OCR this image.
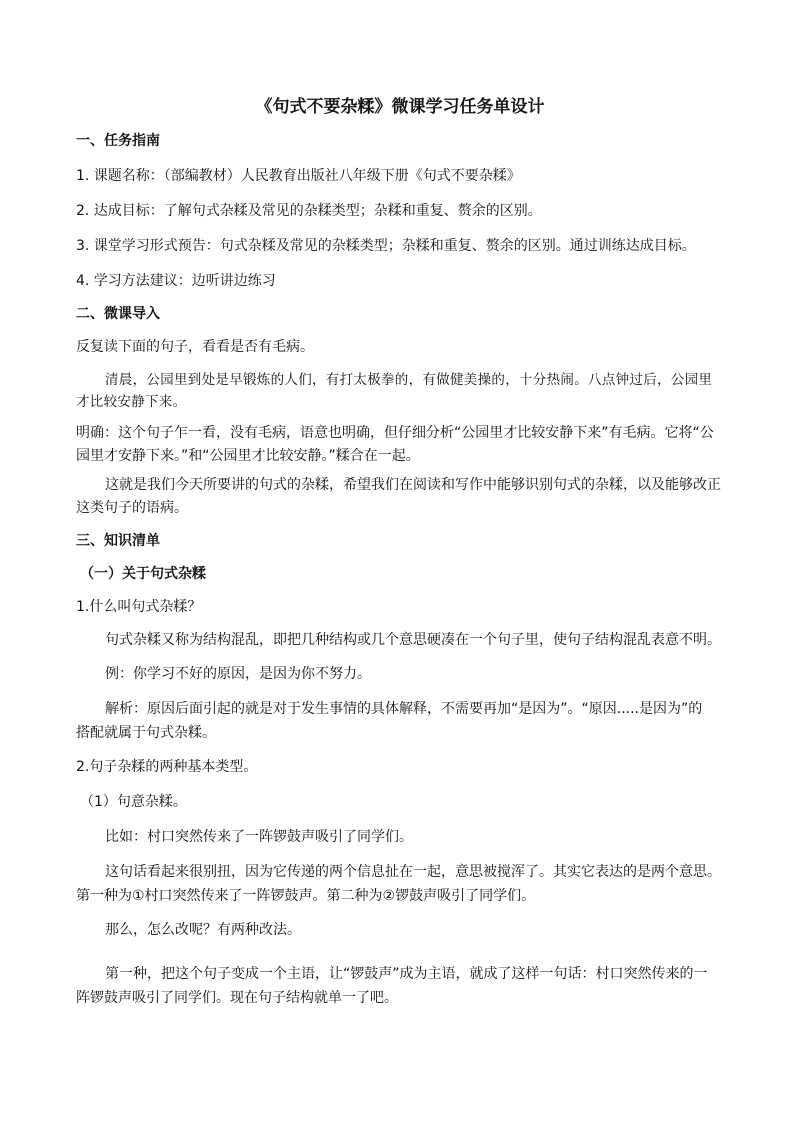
《句式不要杂糅》微课学习任务单设计
一、任务指南
1. 课题名称：（部编教材）人民教育出版社八年级下册《句式不要杂糅》
2. 达成目标：了解句式杂糅及常见的杂糅类型；杂糅和重复、赘余的区别。
3. 课堂学习形式预告：句式杂糅及常见的杂糅类型；杂糅和重复、赘余的区别。通过训练达成目标。
4. 学习方法建议：边听讲边练习
二、微课导入
反复读下面的句子，看看是否有毛病。
清晨，公园里到处是早锻炼的人们，有打太极拳的，有做健美操的，十分热闹。八点钟过后，公园里
才比较安静下来。
明确：这个句子乍一看，没有毛病，语意也明确，但仔细分析“公园里才比较安静下来”有毛病。它将“公
园里才安静下来。”和“公园里才比较安静。”糅合在一起。
这就是我们今天所要讲的句式的杂糅，希望我们在阅读和写作中能够识别句式的杂糅，以及能够改正
这类句子的语病。
三、知识清单
（一）关于句式杂糅
1.什么叫句式杂糅？
句式杂糅又称为结构混乱，即把几种结构或几个意思硬凑在一个句子里，使句子结构混乱表意不明。
例：你学习不好的原因，是因为你不努力。
解析：原因后面引起的就是对于发生事情的具体解释，不需要再加“是因为”。“原因.....是因为”的
搭配就属于句式杂糅。
2.句子杂糅的两种基本类型。
（1）句意杂糅。
比如：村口突然传来了一阵锣鼓声吸引了同学们。
这句话看起来很别扭，因为它传递的两个信息扯在一起，意思被搅浑了。其实它表达的是两个意思。
第一种为①村口突然传来了一阵锣鼓声。第二种为②锣鼓声吸引了同学们。
那么，怎么改呢？有两种改法。
第一种，把这个句子变成一个主语，让“锣鼓声”成为主语，就成了这样一句话：村口突然传来的一
阵锣鼓声吸引了同学们。现在句子结构就单一了吧。
